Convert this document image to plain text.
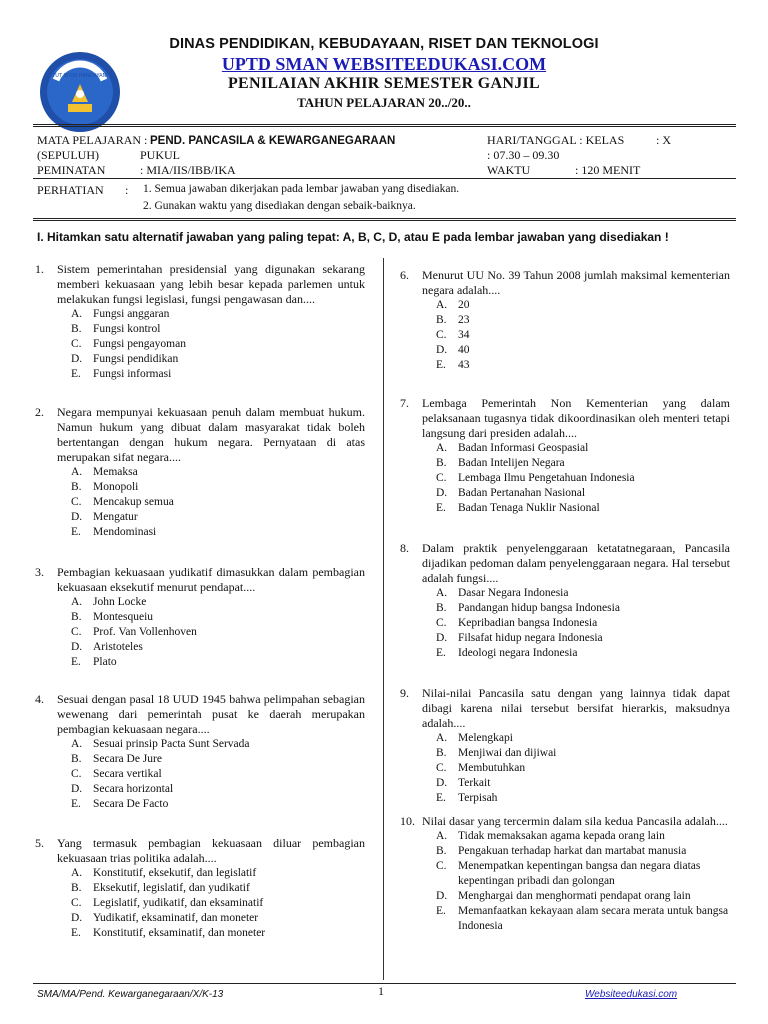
TUT WURI HANDAYANI
DINAS PENDIDIKAN, KEBUDAYAAN, RISET DAN TEKNOLOGI
UPTD SMAN WEBSITEEDUKASI.COM
PENILAIAN AKHIR SEMESTER GANJIL
TAHUN PELAJARAN 20../20..
MATA PELAJARAN : PEND. PANCASILA & KEWARGANEGARAAN	HARI/TANGGAL : KELAS	: X
(SEPULUH)	PUKUL	: 07.30 – 09.30
PEMINATAN	: MIA/IIS/IBB/IKA	WAKTU	: 120 MENIT
PERHATIAN : 1. Semua jawaban dikerjakan pada lembar jawaban yang disediakan.
2. Gunakan waktu yang disediakan dengan sebaik-baiknya.
I. Hitamkan satu alternatif jawaban yang paling tepat: A, B, C, D, atau E pada lembar jawaban yang disediakan !
1. Sistem pemerintahan presidensial yang digunakan sekarang memberi kekuasaan yang lebih besar kepada parlemen untuk melakukan fungsi legislasi, fungsi pengawasan dan....
A. Fungsi anggaran
B. Fungsi kontrol
C. Fungsi pengayoman
D. Fungsi pendidikan
E. Fungsi informasi
2. Negara mempunyai kekuasaan penuh dalam membuat hukum. Namun hukum yang dibuat dalam masyarakat tidak boleh bertentangan dengan hukum negara. Pernyataan di atas merupakan sifat negara....
A. Memaksa
B. Monopoli
C. Mencakup semua
D. Mengatur
E. Mendominasi
3. Pembagian kekuasaan yudikatif dimasukkan dalam pembagian kekuasaan eksekutif menurut pendapat....
A. John Locke
B. Montesqueiu
C. Prof. Van Vollenhoven
D. Aristoteles
E. Plato
4. Sesuai dengan pasal 18 UUD 1945 bahwa pelimpahan sebagian wewenang dari pemerintah pusat ke daerah merupakan pembagian kekuasaan negara....
A. Sesuai prinsip Pacta Sunt Servada
B. Secara De Jure
C. Secara vertikal
D. Secara horizontal
E. Secara De Facto
5. Yang termasuk pembagian kekuasaan diluar pembagian kekuasaan trias politika adalah....
A. Konstitutif, eksekutif, dan legislatif
B. Eksekutif, legislatif, dan yudikatif
C. Legislatif, yudikatif, dan eksaminatif
D. Yudikatif, eksaminatif, dan moneter
E. Konstitutif, eksaminatif, dan moneter
6. Menurut UU No. 39 Tahun 2008 jumlah maksimal kementerian negara adalah....
A. 20
B. 23
C. 34
D. 40
E. 43
7. Lembaga Pemerintah Non Kementerian yang dalam pelaksanaan tugasnya tidak dikoordinasikan oleh menteri tetapi langsung dari presiden adalah....
A. Badan Informasi Geospasial
B. Badan Intelijen Negara
C. Lembaga Ilmu Pengetahuan Indonesia
D. Badan Pertanahan Nasional
E. Badan Tenaga Nuklir Nasional
8. Dalam praktik penyelenggaraan ketatatnegaraan, Pancasila dijadikan pedoman dalam penyelenggaraan negara. Hal tersebut adalah fungsi....
A. Dasar Negara Indonesia
B. Pandangan hidup bangsa Indonesia
C. Kepribadian bangsa Indonesia
D. Filsafat hidup negara Indonesia
E. Ideologi negara Indonesia
9. Nilai-nilai Pancasila satu dengan yang lainnya tidak dapat dibagi karena nilai tersebut bersifat hierarkis, maksudnya adalah....
A. Melengkapi
B. Menjiwai dan dijiwai
C. Membutuhkan
D. Terkait
E. Terpisah
10. Nilai dasar yang tercermin dalam sila kedua Pancasila adalah....
A. Tidak memaksakan agama kepada orang lain
B. Pengakuan terhadap harkat dan martabat manusia
C. Menempatkan kepentingan bangsa dan negara diatas kepentingan pribadi dan golongan
D. Menghargai dan menghormati pendapat orang lain
E. Memanfaatkan kekayaan alam secara merata untuk bangsa Indonesia
SMA/MA/Pend. Kewarganegaraan/X/K-13	1	Websiteedukasi.com
